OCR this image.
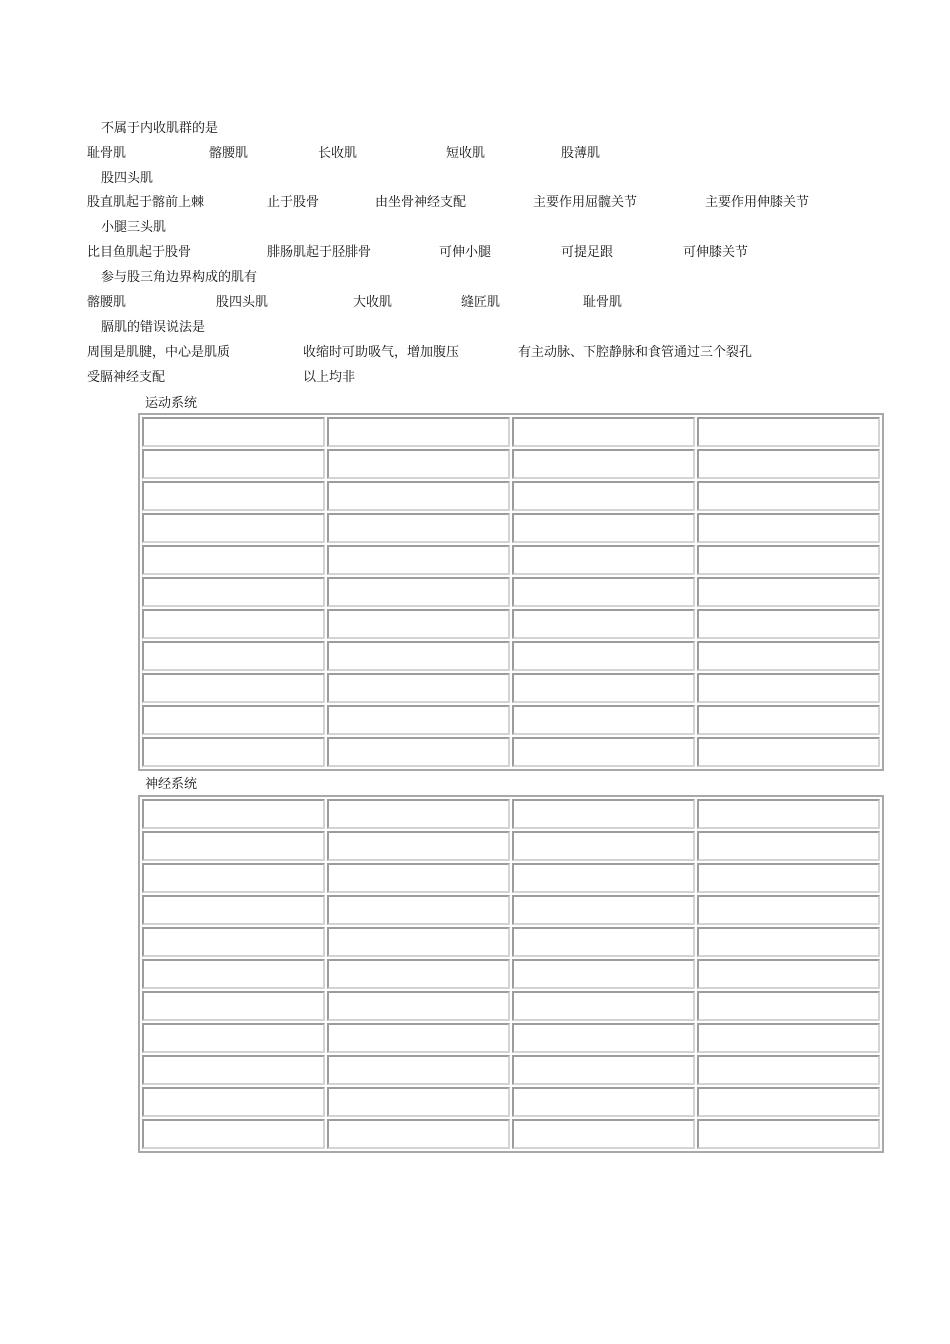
不属于内收肌群的是
耻骨肌	髂腰肌	长收肌	短收肌	股薄肌
股四头肌
股直肌起于髂前上棘	止于股骨	由坐骨神经支配	主要作用屈髋关节	主要作用伸膝关节
小腿三头肌
比目鱼肌起于股骨	腓肠肌起于胫腓骨	可伸小腿	可提足跟	可伸膝关节
参与股三角边界构成的肌有
髂腰肌	股四头肌	大收肌	缝匠肌	耻骨肌
膈肌的错误说法是
周围是肌腱，中心是肌质	收缩时可助吸气，增加腹压	有主动脉、下腔静脉和食管通过三个裂孔
受膈神经支配	以上均非
运动系统

神经系统
